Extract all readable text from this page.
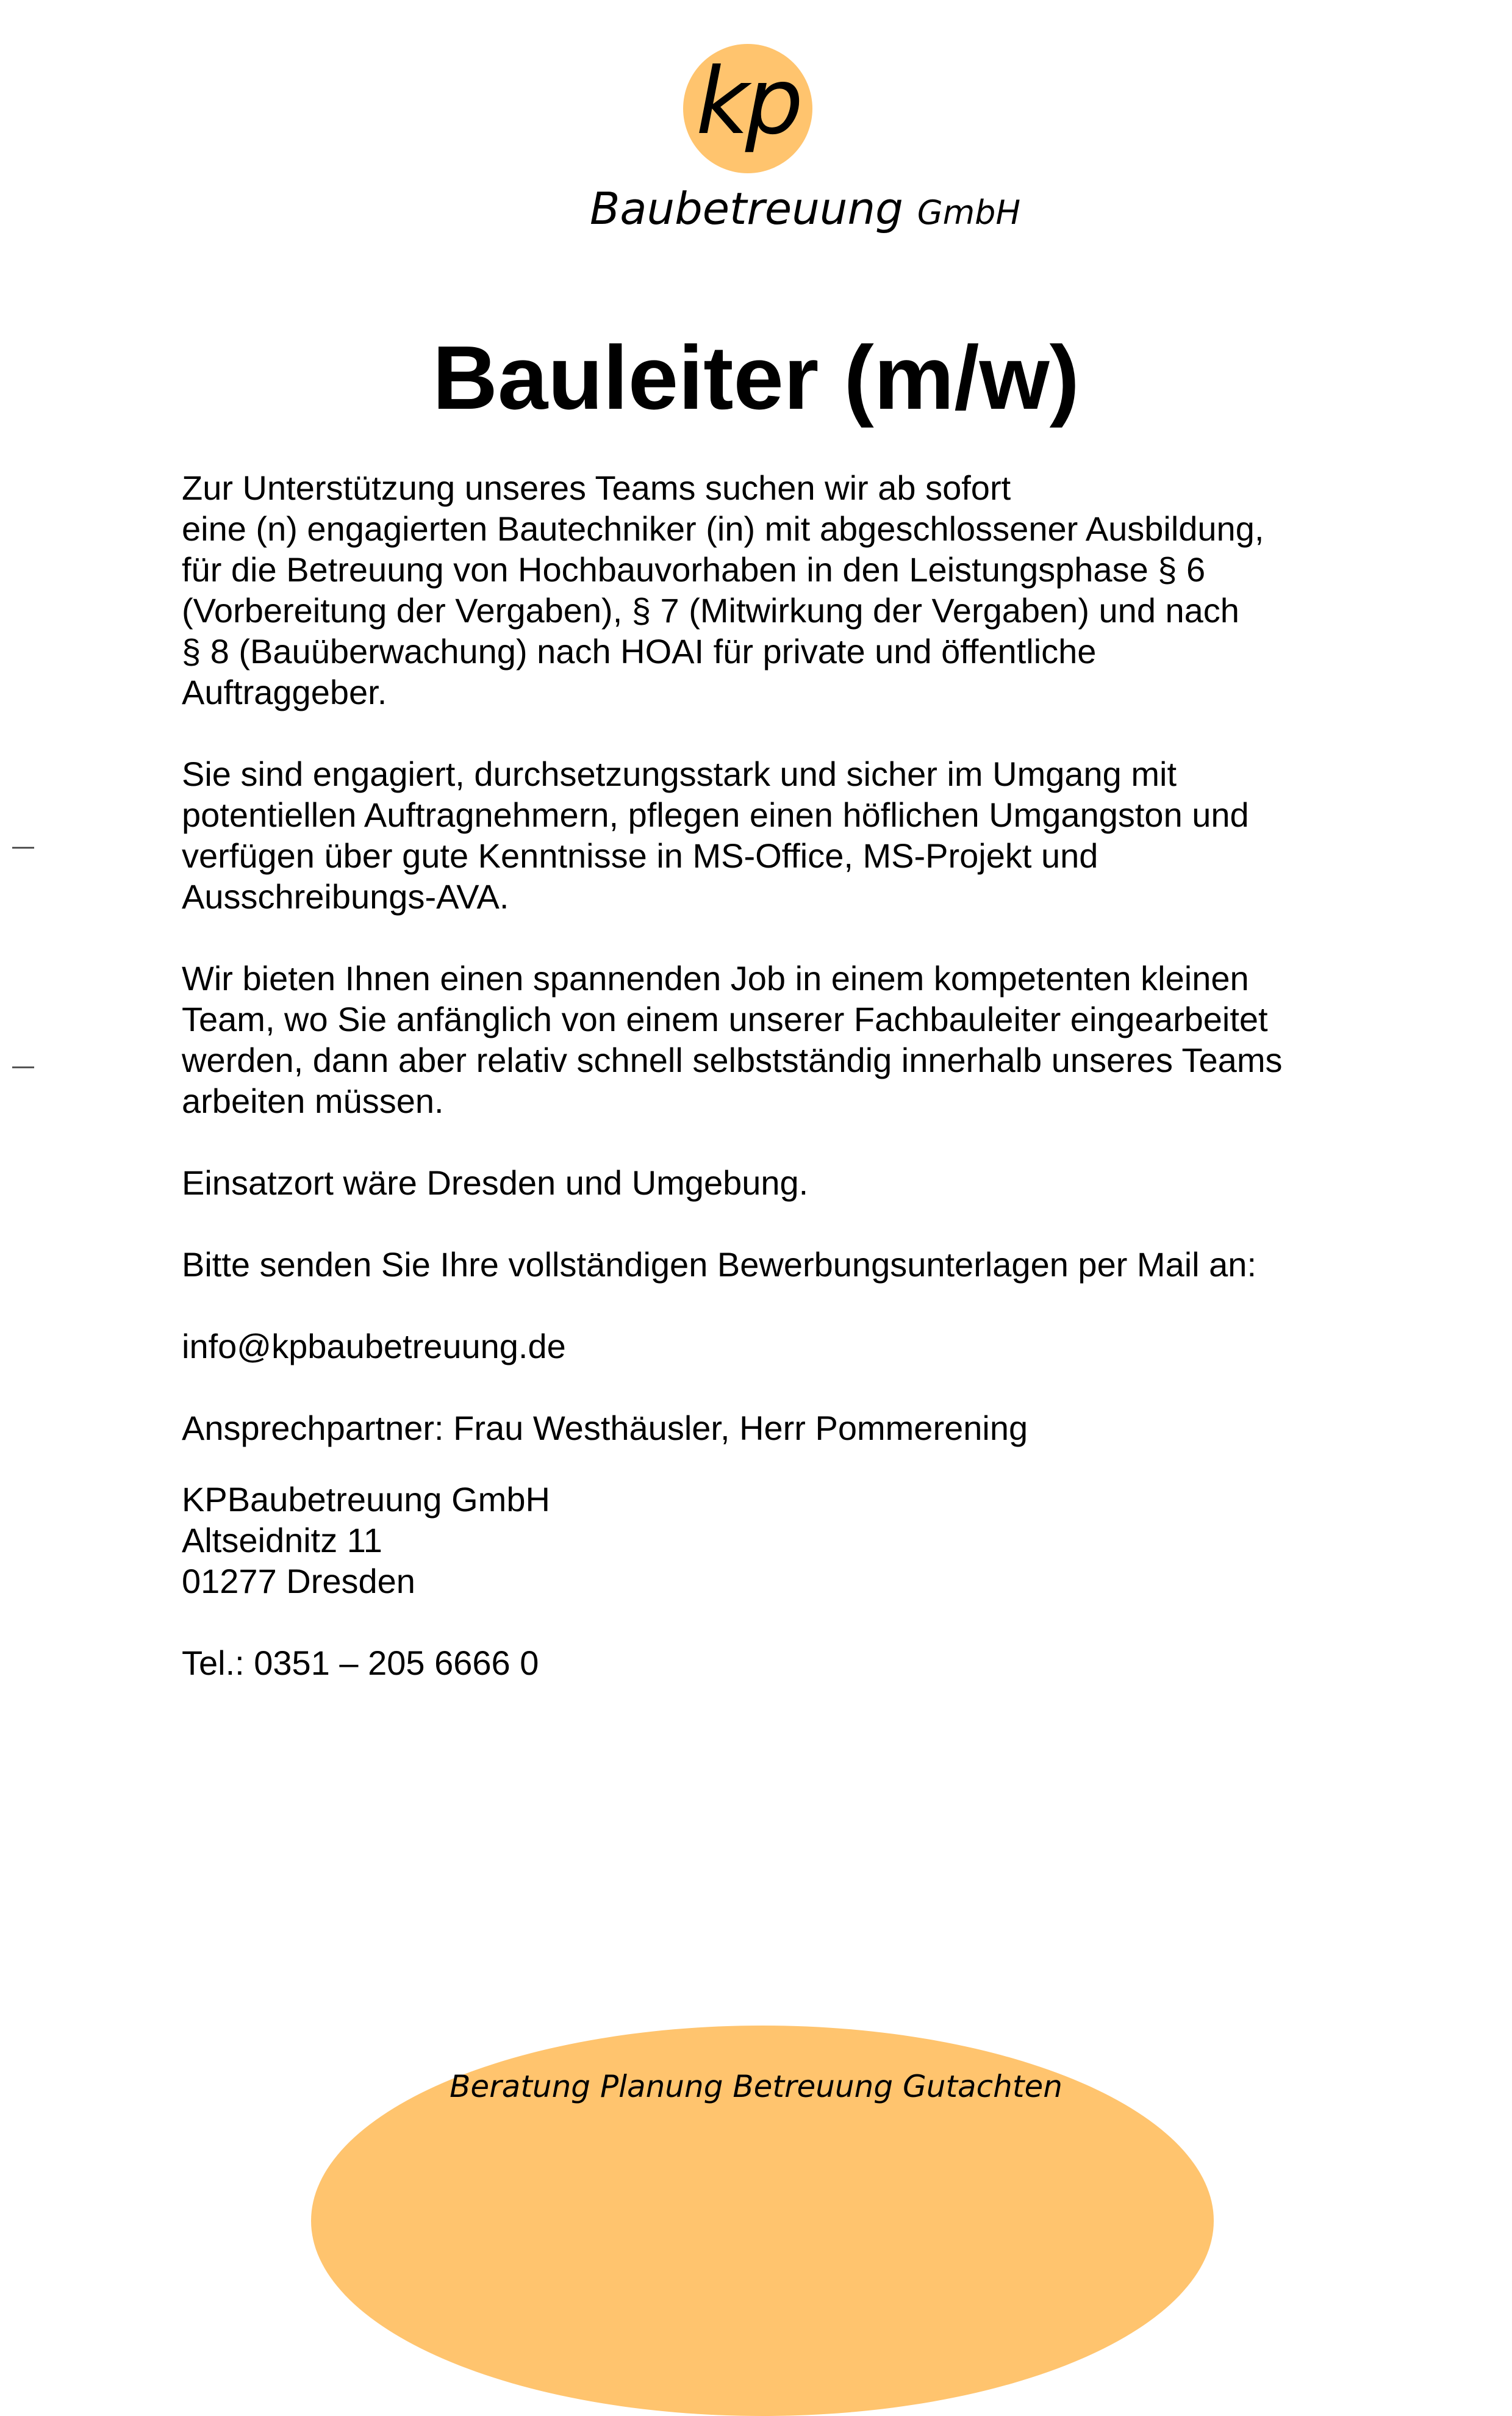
kp
Baubetreuung GmbH
Bauleiter (m/w)

Zur Unterstützung unseres Teams suchen wir ab sofort
eine (n) engagierten Bautechniker (in) mit abgeschlossener Ausbildung,
für die Betreuung von Hochbauvorhaben in den Leistungsphase § 6
(Vorbereitung der Vergaben), § 7 (Mitwirkung der Vergaben) und nach
§ 8 (Bauüberwachung) nach HOAI für private und öffentliche
Auftraggeber.

Sie sind engagiert, durchsetzungsstark und sicher im Umgang mit
potentiellen Auftragnehmern, pflegen einen höflichen Umgangston und
verfügen über gute Kenntnisse in MS-Office, MS-Projekt und
Ausschreibungs-AVA.

Wir bieten Ihnen einen spannenden Job in einem kompetenten kleinen
Team, wo Sie anfänglich von einem unserer Fachbauleiter eingearbeitet
werden, dann aber relativ schnell selbstständig innerhalb unseres Teams
arbeiten müssen.

Einsatzort wäre Dresden und Umgebung.

Bitte senden Sie Ihre vollständigen Bewerbungsunterlagen per Mail an:

info@kpbaubetreuung.de

Ansprechpartner: Frau Westhäusler, Herr Pommerening

KPBaubetreuung GmbH
Altseidnitz 11
01277 Dresden

Tel.: 0351 – 205 6666 0

Beratung Planung Betreuung Gutachten
